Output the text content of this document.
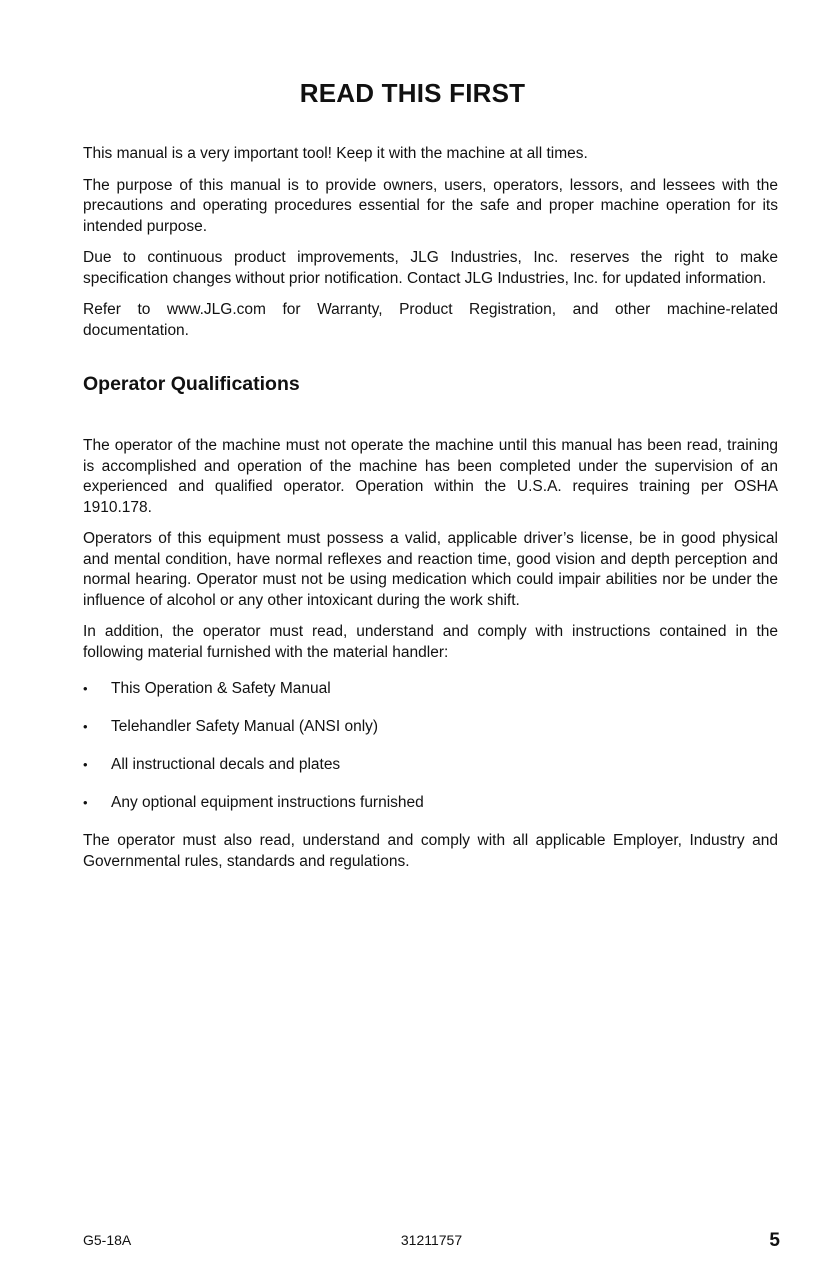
READ THIS FIRST

This manual is a very important tool! Keep it with the machine at all times.

The purpose of this manual is to provide owners, users, operators, lessors, and lessees with the precautions and operating procedures essential for the safe and proper machine operation for its intended purpose.

Due to continuous product improvements, JLG Industries, Inc. reserves the right to make specification changes without prior notification. Contact JLG Industries, Inc. for updated information.

Refer to www.JLG.com for Warranty, Product Registration, and other machine-related documentation.

Operator Qualifications

The operator of the machine must not operate the machine until this manual has been read, training is accomplished and operation of the machine has been completed under the supervision of an experienced and qualified operator. Operation within the U.S.A. requires training per OSHA 1910.178.

Operators of this equipment must possess a valid, applicable driver’s license, be in good physical and mental condition, have normal reflexes and reaction time, good vision and depth perception and normal hearing. Operator must not be using medication which could impair abilities nor be under the influence of alcohol or any other intoxicant during the work shift.

In addition, the operator must read, understand and comply with instructions contained in the following material furnished with the material handler:

• This Operation & Safety Manual
• Telehandler Safety Manual (ANSI only)
• All instructional decals and plates
• Any optional equipment instructions furnished

The operator must also read, understand and comply with all applicable Employer, Industry and Governmental rules, standards and regulations.

G5-18A	31211757	5
